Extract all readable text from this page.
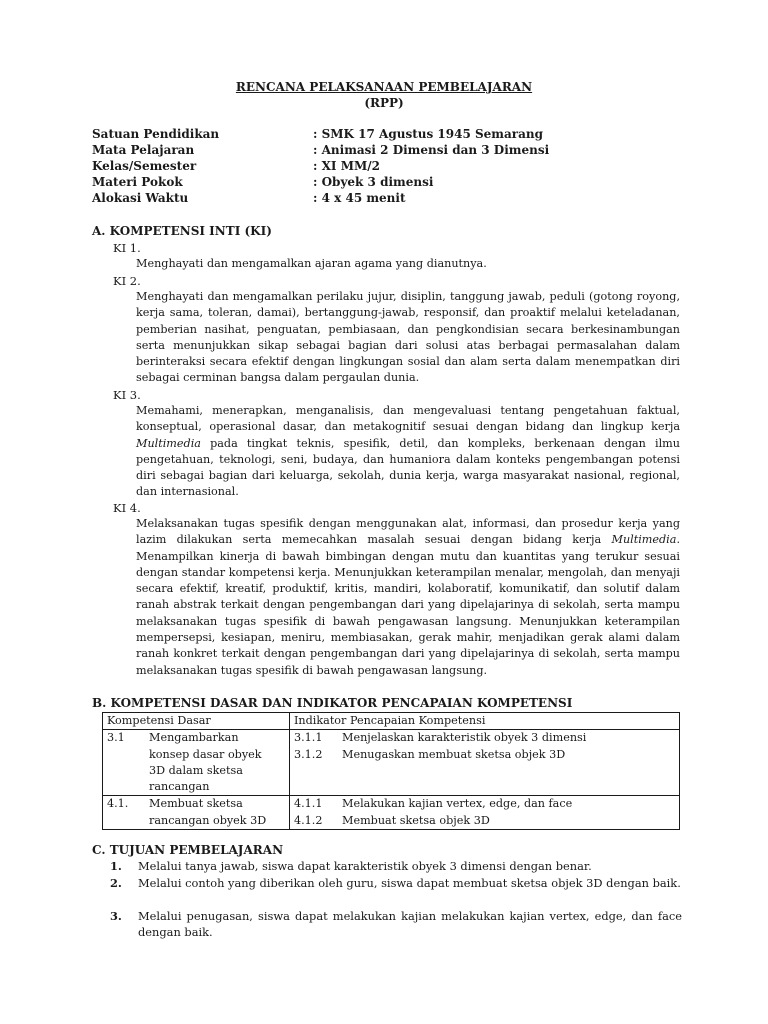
RENCANA PELAKSANAAN PEMBELAJARAN
(RPP)
Satuan Pendidikan	: SMK 17 Agustus 1945 Semarang
Mata Pelajaran	: Animasi 2 Dimensi dan 3 Dimensi
Kelas/Semester	: XI MM/2
Materi Pokok	: Obyek 3 dimensi
Alokasi Waktu	: 4 x 45 menit
A. KOMPETENSI INTI (KI)
KI 1.
Menghayati dan mengamalkan ajaran agama yang dianutnya.
KI 2.
Menghayati dan mengamalkan perilaku jujur, disiplin, tanggung jawab, peduli (gotong royong, kerja sama, toleran, damai), bertanggung-jawab, responsif, dan proaktif melalui keteladanan, pemberian nasihat, penguatan, pembiasaan, dan pengkondisian secara berkesinambungan serta menunjukkan sikap sebagai bagian dari solusi atas berbagai permasalahan dalam berinteraksi secara efektif dengan lingkungan sosial dan alam serta dalam menempatkan diri sebagai cerminan bangsa dalam pergaulan dunia.
KI 3.
Memahami, menerapkan, menganalisis, dan mengevaluasi tentang pengetahuan faktual, konseptual, operasional dasar, dan metakognitif sesuai dengan bidang dan lingkup kerja Multimedia pada tingkat teknis, spesifik, detil, dan kompleks, berkenaan dengan ilmu pengetahuan, teknologi, seni, budaya, dan humaniora dalam konteks pengembangan potensi diri sebagai bagian dari keluarga, sekolah, dunia kerja, warga masyarakat nasional, regional, dan internasional.
KI 4.
Melaksanakan tugas spesifik dengan menggunakan alat, informasi, dan prosedur kerja yang lazim dilakukan serta memecahkan masalah sesuai dengan bidang kerja Multimedia. Menampilkan kinerja di bawah bimbingan dengan mutu dan kuantitas yang terukur sesuai dengan standar kompetensi kerja. Menunjukkan keterampilan menalar, mengolah, dan menyaji secara efektif, kreatif, produktif, kritis, mandiri, kolaboratif, komunikatif, dan solutif dalam ranah abstrak terkait dengan pengembangan dari yang dipelajarinya di sekolah, serta mampu melaksanakan tugas spesifik di bawah pengawasan langsung. Menunjukkan keterampilan mempersepsi, kesiapan, meniru, membiasakan, gerak mahir, menjadikan gerak alami dalam ranah konkret terkait dengan pengembangan dari yang dipelajarinya di sekolah, serta mampu melaksanakan tugas spesifik di bawah pengawasan langsung.
B. KOMPETENSI DASAR DAN INDIKATOR PENCAPAIAN KOMPETENSI
Kompetensi Dasar	Indikator Pencapaian Kompetensi
3.1 Mengambarkan konsep dasar obyek 3D dalam sketsa rancangan	3.1.1 Menjelaskan karakteristik obyek 3 dimensi
3.1.2 Menugaskan membuat sketsa objek 3D

4.1. Membuat sketsa rancangan obyek 3D	4.1.1 Melakukan kajian vertex, edge, dan face
4.1.2 Membuat sketsa objek 3D
C. TUJUAN PEMBELAJARAN
1. Melalui tanya jawab, siswa dapat karakteristik obyek 3 dimensi dengan benar.
2. Melalui contoh yang diberikan oleh guru, siswa dapat membuat sketsa objek 3D dengan baik.
3. Melalui penugasan, siswa dapat melakukan kajian melakukan kajian vertex, edge, dan face dengan baik.
